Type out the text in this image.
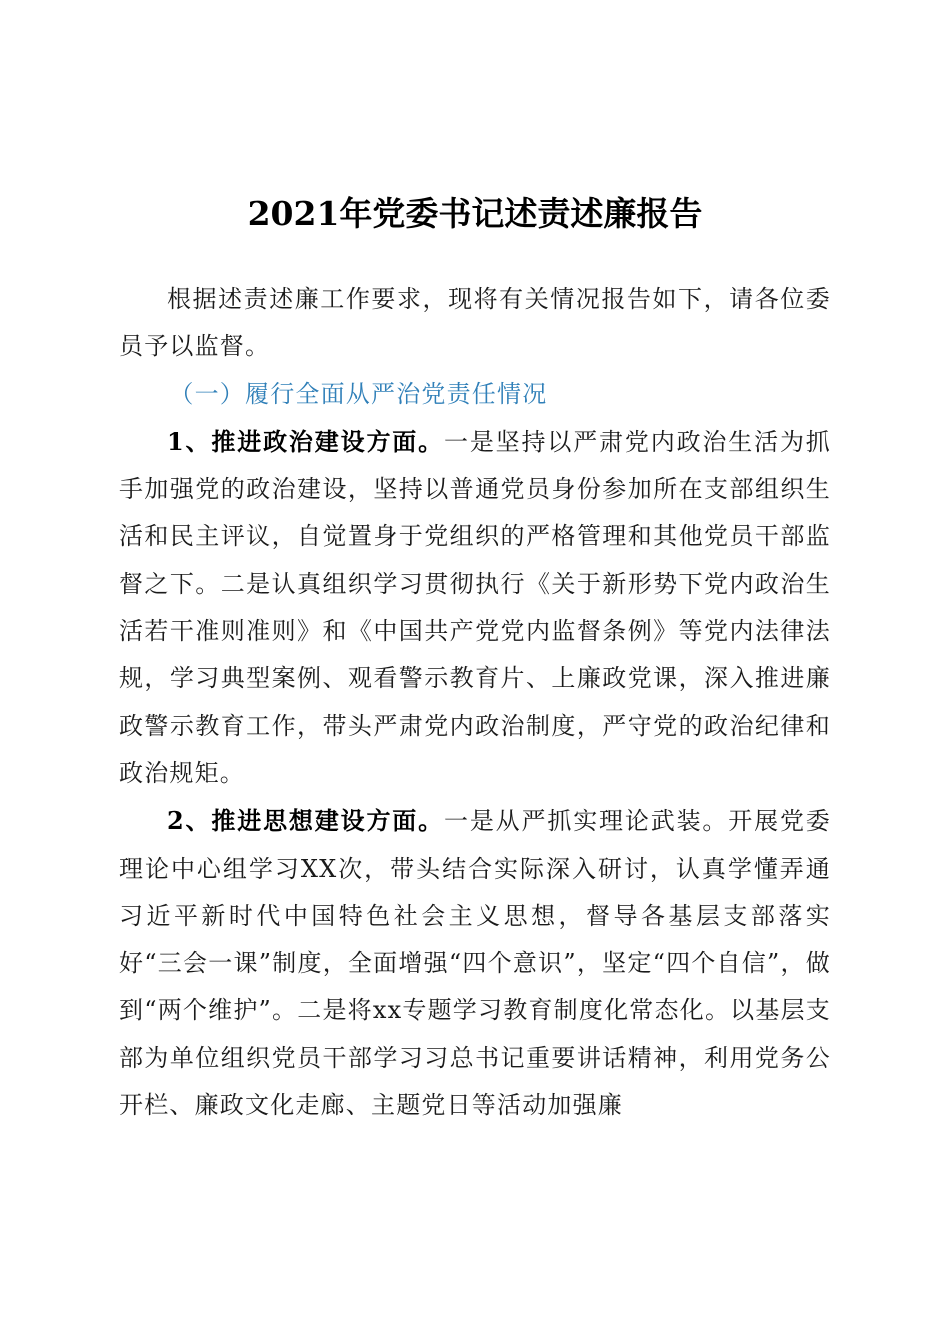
2021年党委书记述责述廉报告

根据述责述廉工作要求，现将有关情况报告如下，请各位委员予以监督。

（一）履行全面从严治党责任情况

1、推进政治建设方面。一是坚持以严肃党内政治生活为抓手加强党的政治建设，坚持以普通党员身份参加所在支部组织生活和民主评议，自觉置身于党组织的严格管理和其他党员干部监督之下。二是认真组织学习贯彻执行《关于新形势下党内政治生活若干准则准则》和《中国共产党党内监督条例》等党内法律法规，学习典型案例、观看警示教育片、上廉政党课，深入推进廉政警示教育工作，带头严肃党内政治制度，严守党的政治纪律和政治规矩。

2、推进思想建设方面。一是从严抓实理论武装。开展党委理论中心组学习XX次，带头结合实际深入研讨，认真学懂弄通习近平新时代中国特色社会主义思想，督导各基层支部落实好“三会一课”制度，全面增强“四个意识”，坚定“四个自信”，做到“两个维护”。二是将xx专题学习教育制度化常态化。以基层支部为单位组织党员干部学习习总书记重要讲话精神，利用党务公开栏、廉政文化走廊、主题党日等活动加强廉
